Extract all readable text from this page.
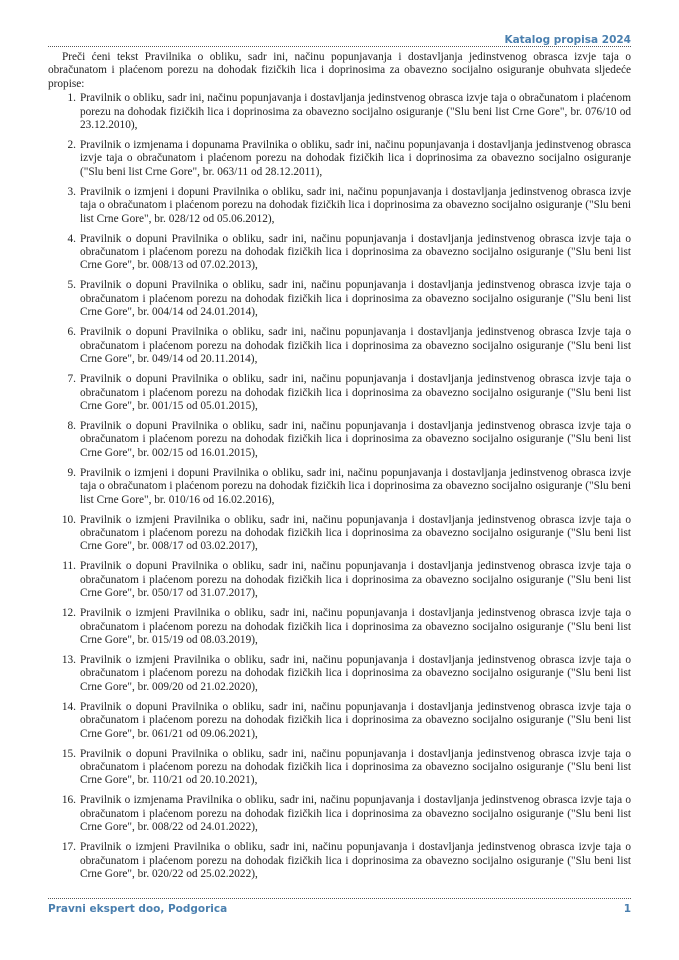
Katalog propisa 2024

Preči ćeni tekst Pravilnika o obliku, sadr ini, načinu popunjavanja i dostavljanja jedinstvenog obrasca izvje taja o obračunatom i plaćenom porezu na dohodak fizičkih lica i doprinosima za obavezno socijalno osiguranje obuhvata sljedeće propise:

1. Pravilnik o obliku, sadr ini, načinu popunjavanja i dostavljanja jedinstvenog obrasca izvje taja o obračunatom i plaćenom porezu na dohodak fizičkih lica i doprinosima za obavezno socijalno osiguranje ("Slu beni list Crne Gore", br. 076/10 od 23.12.2010),
2. Pravilnik o izmjenama i dopunama Pravilnika o obliku, sadr ini, načinu popunjavanja i dostavljanja jedinstvenog obrasca izvje taja o obračunatom i plaćenom porezu na dohodak fizičkih lica i doprinosima za obavezno socijalno osiguranje ("Slu beni list Crne Gore", br. 063/11 od 28.12.2011),
3. Pravilnik o izmjeni i dopuni Pravilnika o obliku, sadr ini, načinu popunjavanja i dostavljanja jedinstvenog obrasca izvje taja o obračunatom i plaćenom porezu na dohodak fizičkih lica i doprinosima za obavezno socijalno osiguranje ("Slu beni list Crne Gore", br. 028/12 od 05.06.2012),
4. Pravilnik o dopuni Pravilnika o obliku, sadr ini, načinu popunjavanja i dostavljanja jedinstvenog obrasca izvje taja o obračunatom i plaćenom porezu na dohodak fizičkih lica i doprinosima za obavezno socijalno osiguranje ("Slu beni list Crne Gore", br. 008/13 od 07.02.2013),
5. Pravilnik o dopuni Pravilnika o obliku, sadr ini, načinu popunjavanja i dostavljanja jedinstvenog obrasca izvje taja o obračunatom i plaćenom porezu na dohodak fizičkih lica i doprinosima za obavezno socijalno osiguranje ("Slu beni list Crne Gore", br. 004/14 od 24.01.2014),
6. Pravilnik o dopuni Pravilnika o obliku, sadr ini, načinu popunjavanja i dostavljanja jedinstvenog obrasca Izvje taja o obračunatom i plaćenom porezu na dohodak fizičkih lica i doprinosima za obavezno socijalno osiguranje ("Slu beni list Crne Gore", br. 049/14 od 20.11.2014),
7. Pravilnik o dopuni Pravilnika o obliku, sadr ini, načinu popunjavanja i dostavljanja jedinstvenog obrasca izvje taja o obračunatom i plaćenom porezu na dohodak fizičkih lica i doprinosima za obavezno socijalno osiguranje ("Slu beni list Crne Gore", br. 001/15 od 05.01.2015),
8. Pravilnik o dopuni Pravilnika o obliku, sadr ini, načinu popunjavanja i dostavljanja jedinstvenog obrasca izvje taja o obračunatom i plaćenom porezu na dohodak fizičkih lica i doprinosima za obavezno socijalno osiguranje ("Slu beni list Crne Gore", br. 002/15 od 16.01.2015),
9. Pravilnik o izmjeni i dopuni Pravilnika o obliku, sadr ini, načinu popunjavanja i dostavljanja jedinstvenog obrasca izvje taja o obračunatom i plaćenom porezu na dohodak fizičkih lica i doprinosima za obavezno socijalno osiguranje ("Slu beni list Crne Gore", br. 010/16 od 16.02.2016),
10. Pravilnik o izmjeni Pravilnika o obliku, sadr ini, načinu popunjavanja i dostavljanja jedinstvenog obrasca izvje taja o obračunatom i plaćenom porezu na dohodak fizičkih lica i doprinosima za obavezno socijalno osiguranje ("Slu beni list Crne Gore", br. 008/17 od 03.02.2017),
11. Pravilnik o dopuni Pravilnika o obliku, sadr ini, načinu popunjavanja i dostavljanja jedinstvenog obrasca izvje taja o obračunatom i plaćenom porezu na dohodak fizičkih lica i doprinosima za obavezno socijalno osiguranje ("Slu beni list Crne Gore", br. 050/17 od 31.07.2017),
12. Pravilnik o izmjeni Pravilnika o obliku, sadr ini, načinu popunjavanja i dostavljanja jedinstvenog obrasca izvje taja o obračunatom i plaćenom porezu na dohodak fizičkih lica i doprinosima za obavezno socijalno osiguranje ("Slu beni list Crne Gore", br. 015/19 od 08.03.2019),
13. Pravilnik o izmjeni Pravilnika o obliku, sadr ini, načinu popunjavanja i dostavljanja jedinstvenog obrasca izvje taja o obračunatom i plaćenom porezu na dohodak fizičkih lica i doprinosima za obavezno socijalno osiguranje ("Slu beni list Crne Gore", br. 009/20 od 21.02.2020),
14. Pravilnik o dopuni Pravilnika o obliku, sadr ini, načinu popunjavanja i dostavljanja jedinstvenog obrasca izvje taja o obračunatom i plaćenom porezu na dohodak fizičkih lica i doprinosima za obavezno socijalno osiguranje ("Slu beni list Crne Gore", br. 061/21 od 09.06.2021),
15. Pravilnik o dopuni Pravilnika o obliku, sadr ini, načinu popunjavanja i dostavljanja jedinstvenog obrasca izvje taja o obračunatom i plaćenom porezu na dohodak fizičkih lica i doprinosima za obavezno socijalno osiguranje ("Slu beni list Crne Gore", br. 110/21 od 20.10.2021),
16. Pravilnik o izmjenama Pravilnika o obliku, sadr ini, načinu popunjavanja i dostavljanja jedinstvenog obrasca izvje taja o obračunatom i plaćenom porezu na dohodak fizičkih lica i doprinosima za obavezno socijalno osiguranje ("Slu beni list Crne Gore", br. 008/22 od 24.01.2022),
17. Pravilnik o izmjeni Pravilnika o obliku, sadr ini, načinu popunjavanja i dostavljanja jedinstvenog obrasca izvje taja o obračunatom i plaćenom porezu na dohodak fizičkih lica i doprinosima za obavezno socijalno osiguranje ("Slu beni list Crne Gore", br. 020/22 od 25.02.2022),
Pravni ekspert doo, Podgorica	1
